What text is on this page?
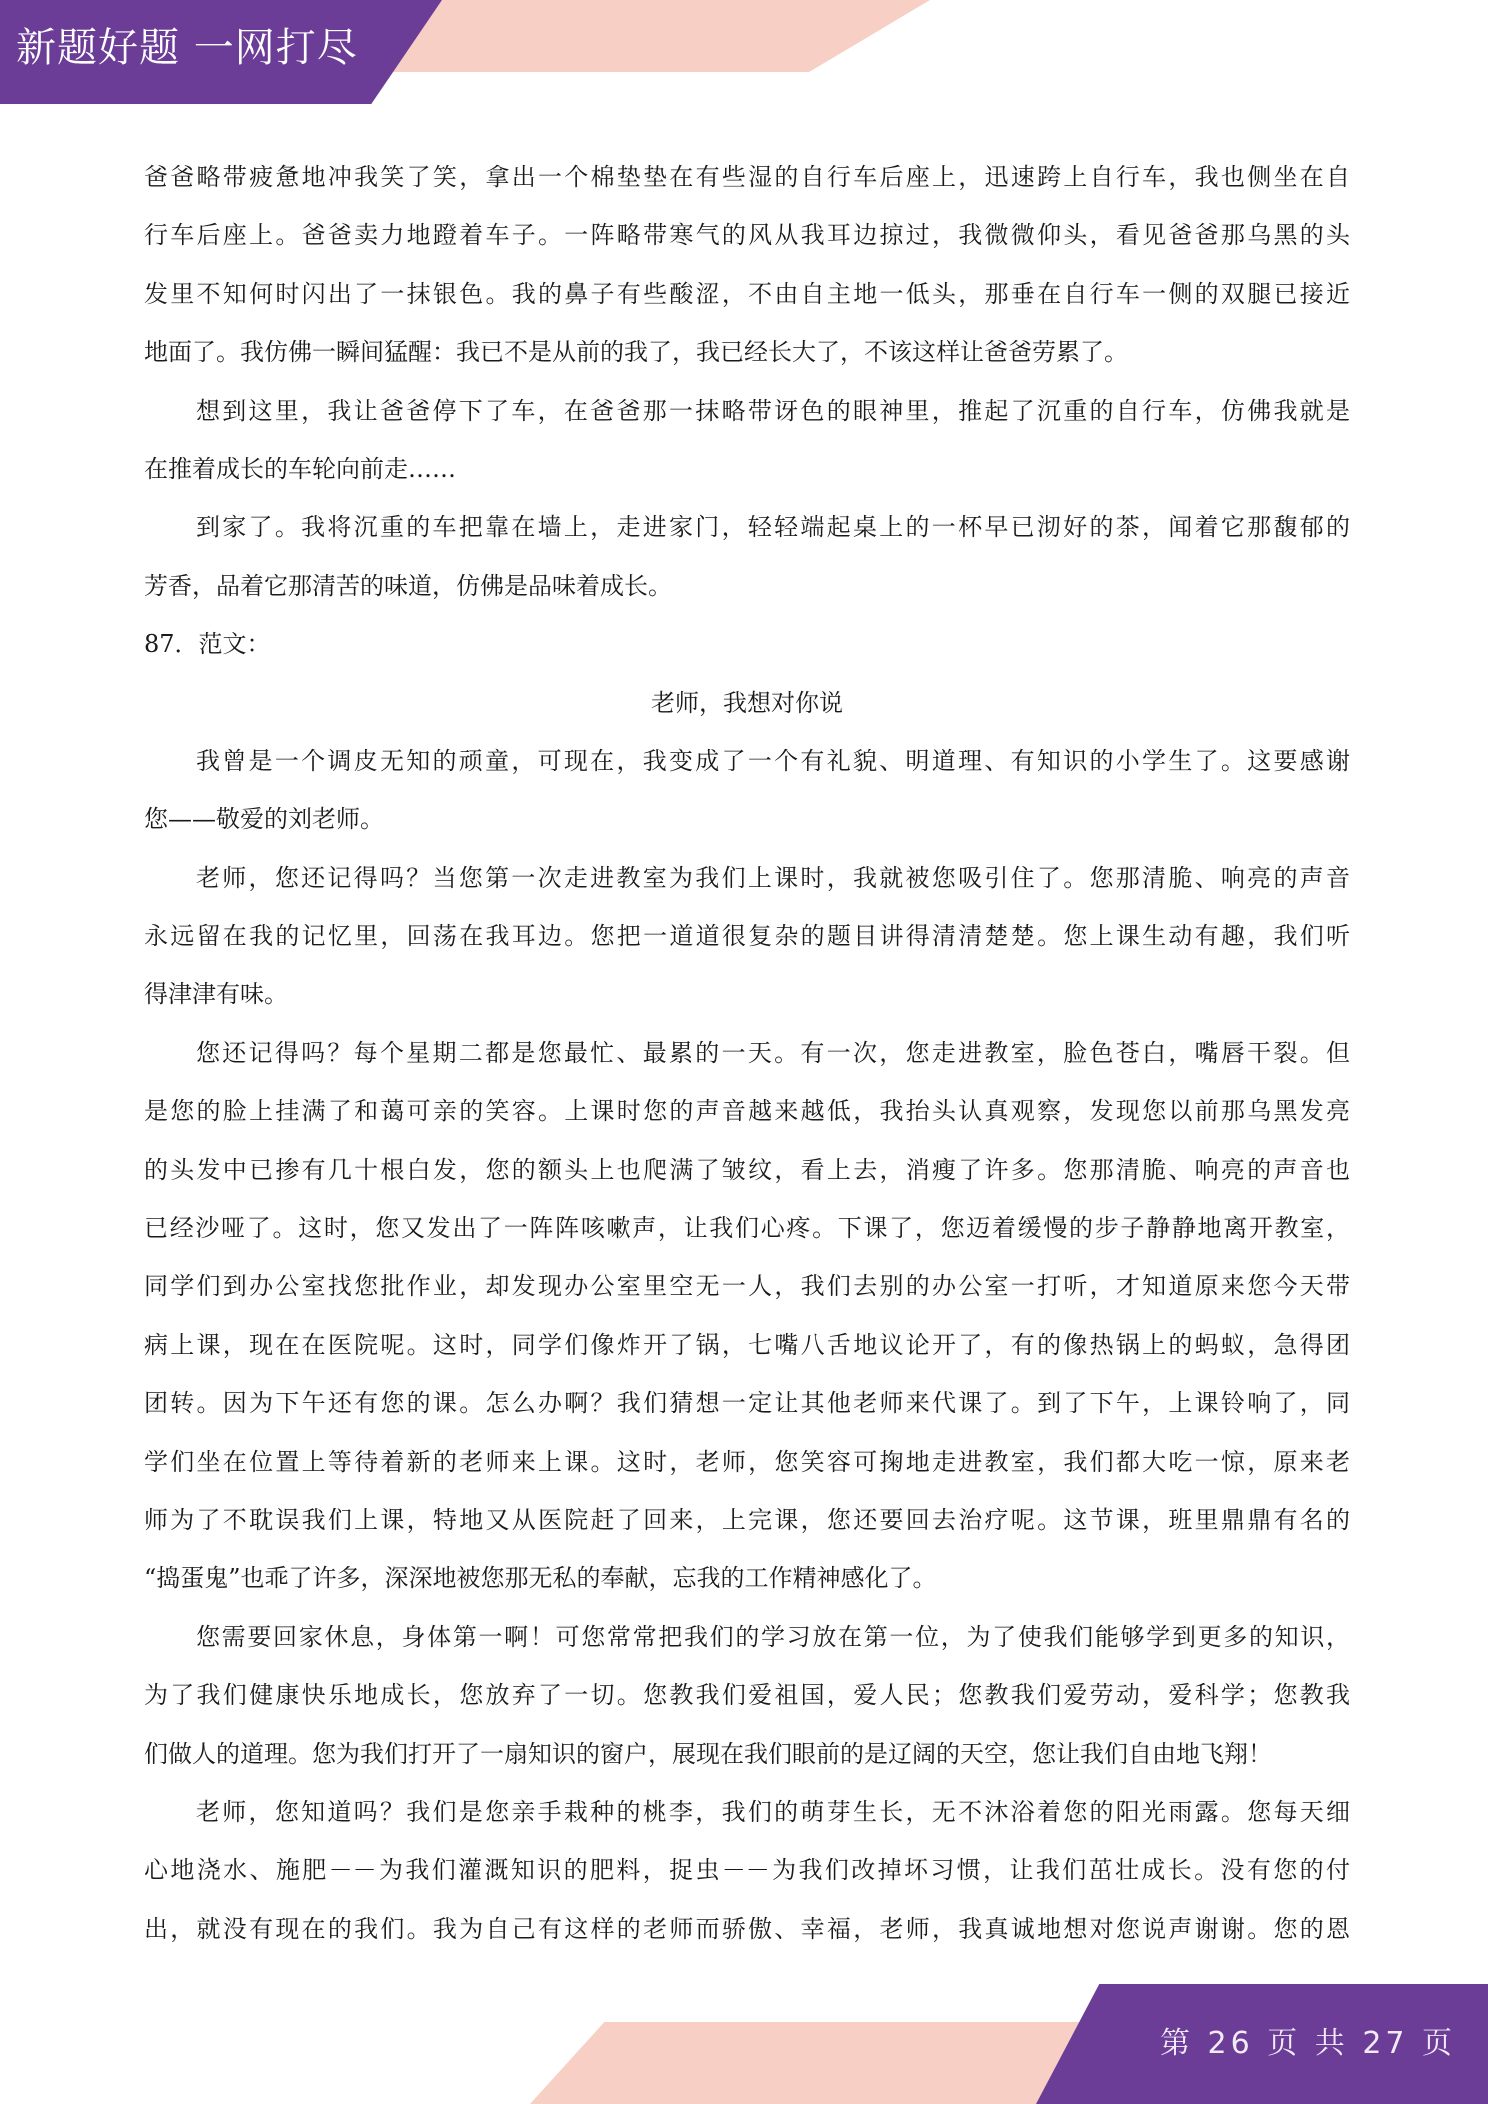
新题好题 一网打尽
爸爸略带疲惫地冲我笑了笑，拿出一个棉垫垫在有些湿的自行车后座上，迅速跨上自行车，我也侧坐在自
行车后座上。爸爸卖力地蹬着车子。一阵略带寒气的风从我耳边掠过，我微微仰头，看见爸爸那乌黑的头
发里不知何时闪出了一抹银色。我的鼻子有些酸涩，不由自主地一低头，那垂在自行车一侧的双腿已接近
地面了。我仿佛一瞬间猛醒：我已不是从前的我了，我已经长大了，不该这样让爸爸劳累了。
想到这里，我让爸爸停下了车，在爸爸那一抹略带讶色的眼神里，推起了沉重的自行车，仿佛我就是
在推着成长的车轮向前走……
到家了。我将沉重的车把靠在墙上，走进家门，轻轻端起桌上的一杯早已沏好的茶，闻着它那馥郁的
芳香，品着它那清苦的味道，仿佛是品味着成长。
87．范文：
老师，我想对你说
我曾是一个调皮无知的顽童，可现在，我变成了一个有礼貌、明道理、有知识的小学生了。这要感谢
您——敬爱的刘老师。
老师，您还记得吗？当您第一次走进教室为我们上课时，我就被您吸引住了。您那清脆、响亮的声音
永远留在我的记忆里，回荡在我耳边。您把一道道很复杂的题目讲得清清楚楚。您上课生动有趣，我们听
得津津有味。
您还记得吗？每个星期二都是您最忙、最累的一天。有一次，您走进教室，脸色苍白，嘴唇干裂。但
是您的脸上挂满了和蔼可亲的笑容。上课时您的声音越来越低，我抬头认真观察，发现您以前那乌黑发亮
的头发中已掺有几十根白发，您的额头上也爬满了皱纹，看上去，消瘦了许多。您那清脆、响亮的声音也
已经沙哑了。这时，您又发出了一阵阵咳嗽声，让我们心疼。下课了，您迈着缓慢的步子静静地离开教室，
同学们到办公室找您批作业，却发现办公室里空无一人，我们去别的办公室一打听，才知道原来您今天带
病上课，现在在医院呢。这时，同学们像炸开了锅，七嘴八舌地议论开了，有的像热锅上的蚂蚁，急得团
团转。因为下午还有您的课。怎么办啊？我们猜想一定让其他老师来代课了。到了下午，上课铃响了，同
学们坐在位置上等待着新的老师来上课。这时，老师，您笑容可掬地走进教室，我们都大吃一惊，原来老
师为了不耽误我们上课，特地又从医院赶了回来，上完课，您还要回去治疗呢。这节课，班里鼎鼎有名的
“捣蛋鬼”也乖了许多，深深地被您那无私的奉献，忘我的工作精神感化了。
您需要回家休息，身体第一啊！可您常常把我们的学习放在第一位，为了使我们能够学到更多的知识，
为了我们健康快乐地成长，您放弃了一切。您教我们爱祖国，爱人民；您教我们爱劳动，爱科学；您教我
们做人的道理。您为我们打开了一扇知识的窗户，展现在我们眼前的是辽阔的天空，您让我们自由地飞翔！
老师，您知道吗？我们是您亲手栽种的桃李，我们的萌芽生长，无不沐浴着您的阳光雨露。您每天细
心地浇水、施肥－－为我们灌溉知识的肥料，捉虫－－为我们改掉坏习惯，让我们茁壮成长。没有您的付
出，就没有现在的我们。我为自己有这样的老师而骄傲、幸福，老师，我真诚地想对您说声谢谢。您的恩
第 26 页 共 27 页
